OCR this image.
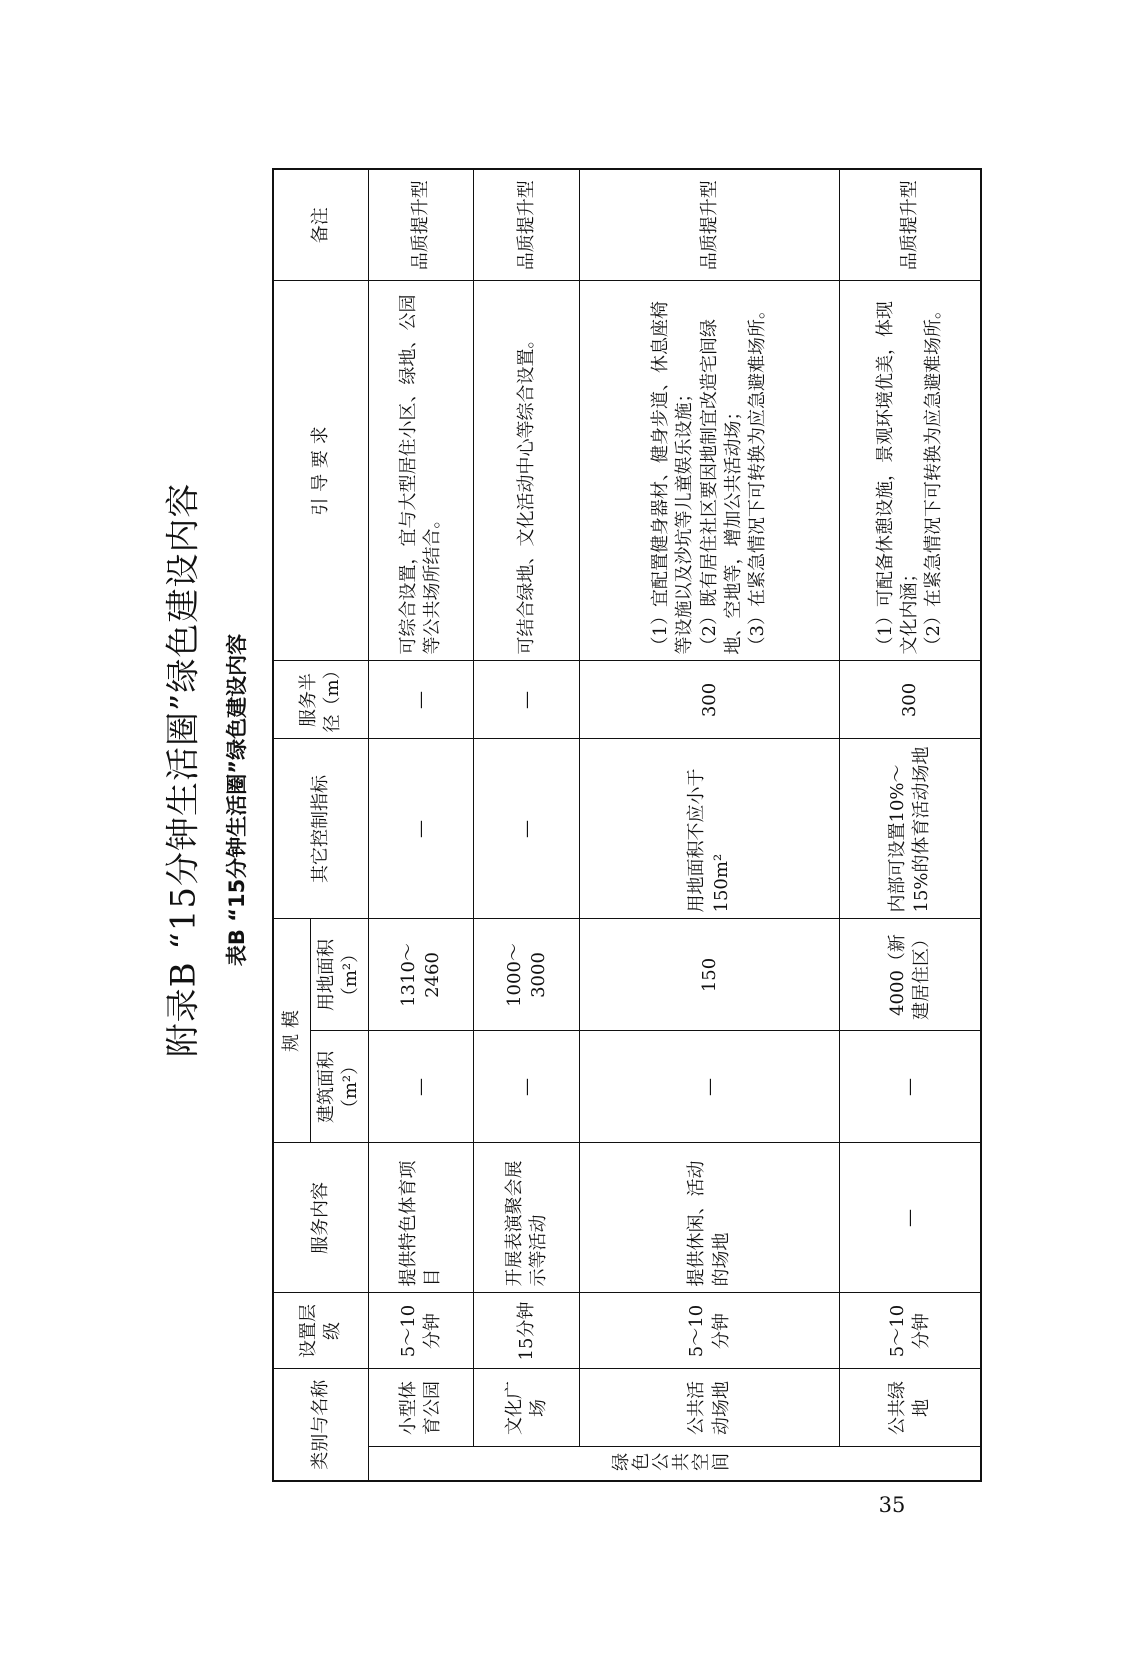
附录B “15分钟生活圈”绿色建设内容 表B “15分钟生活圈”绿色建设内容
类别与名称		设置层级	服务内容	规 模		其它控制指标	服务半径（m）	引 导 要 求	备注
				建筑面积（m²）	用地面积（m²）				
绿色公共空间	小型体育公园	5～10分钟	提供特色体育项目	—	1310～2460	—	—	可综合设置，宜与大型居住小区、绿地、公园等公共场所结合。	品质提升型
	文化广场	15分钟	开展表演聚会展示等活动	—	1000～3000	—	—	可结合绿地、文化活动中心等综合设置。	品质提升型
	公共活动场地	5～10分钟	提供休闲、活动的场地	—	150	用地面积不应小于150m²	300	（1）宜配置健身器材、健身步道、休息座椅等设施以及沙坑等儿童娱乐设施； （2）既有居住社区要因地制宜改造宅间绿地、空地等，增加公共活动场； （3）在紧急情况下可转换为应急避难场所。	品质提升型
	公共绿地	5～10分钟	—	—	4000（新建居住区）	内部可设置10%～15%的体育活动场地	300	（1）可配备休憩设施，景观环境优美，体现文化内涵； （2）在紧急情况下可转换为应急避难场所。	品质提升型
35
